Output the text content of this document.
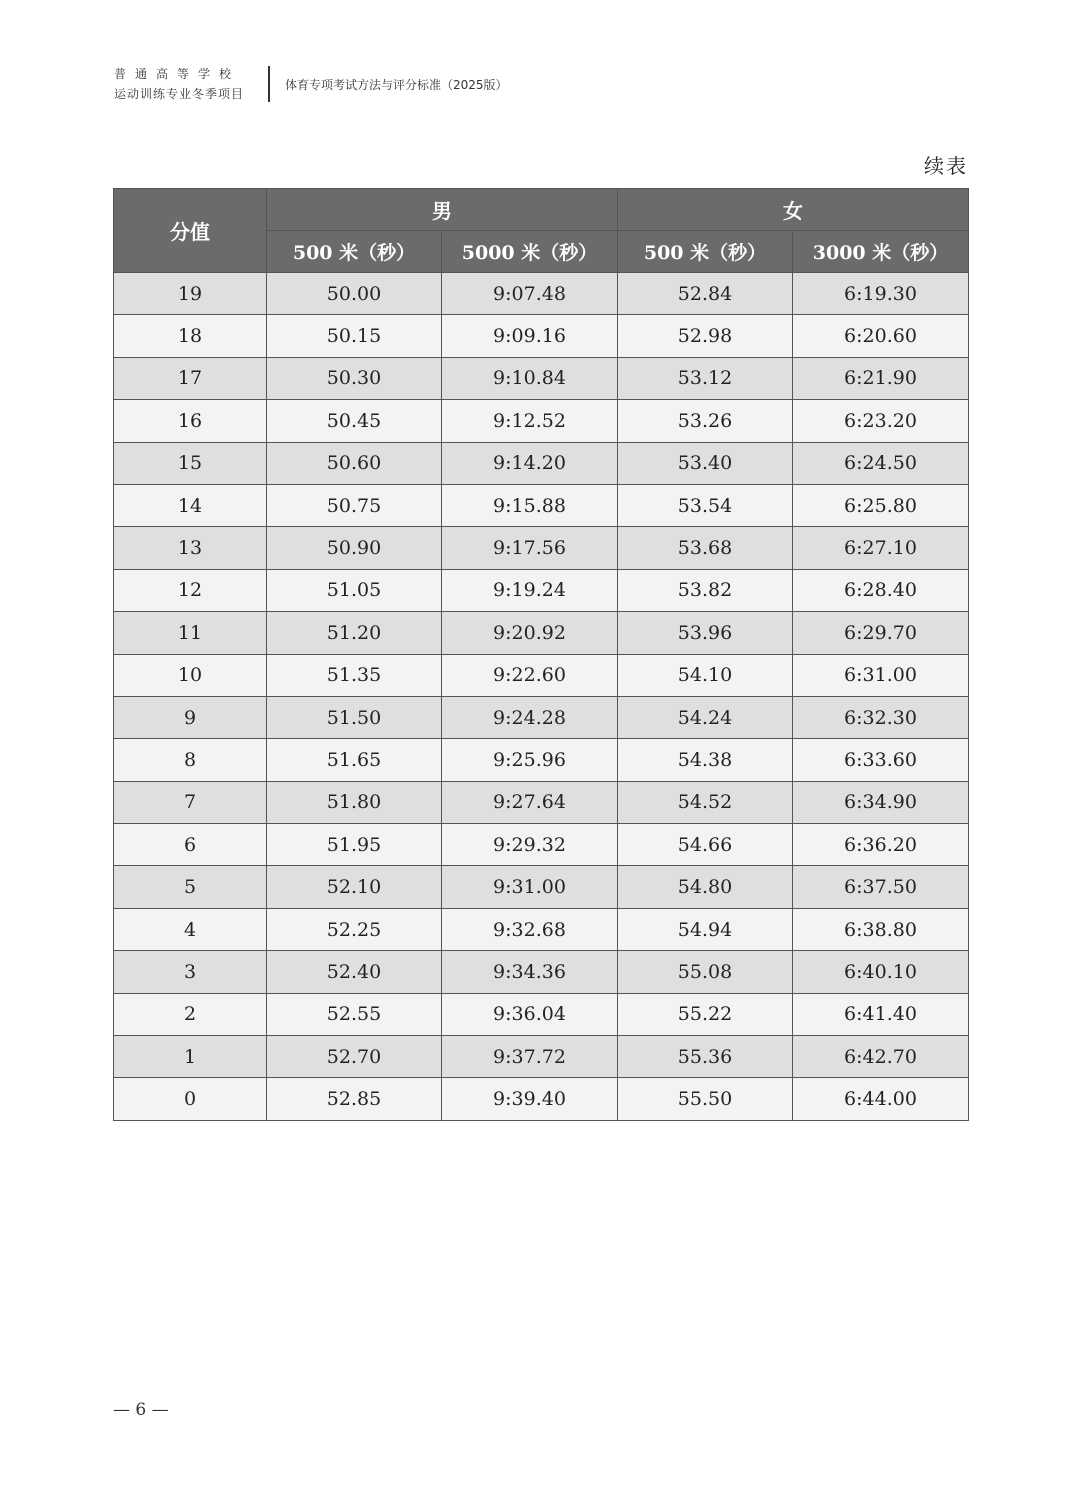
普通高等学校
运动训练专业冬季项目
体育专项考试方法与评分标准（2025版）
续表
分值	男		女	
	500 米（秒）	5000 米（秒）	500 米（秒）	3000 米（秒）
19	50.00	9:07.48	52.84	6:19.30
18	50.15	9:09.16	52.98	6:20.60
17	50.30	9:10.84	53.12	6:21.90
16	50.45	9:12.52	53.26	6:23.20
15	50.60	9:14.20	53.40	6:24.50
14	50.75	9:15.88	53.54	6:25.80
13	50.90	9:17.56	53.68	6:27.10
12	51.05	9:19.24	53.82	6:28.40
11	51.20	9:20.92	53.96	6:29.70
10	51.35	9:22.60	54.10	6:31.00
9	51.50	9:24.28	54.24	6:32.30
8	51.65	9:25.96	54.38	6:33.60
7	51.80	9:27.64	54.52	6:34.90
6	51.95	9:29.32	54.66	6:36.20
5	52.10	9:31.00	54.80	6:37.50
4	52.25	9:32.68	54.94	6:38.80
3	52.40	9:34.36	55.08	6:40.10
2	52.55	9:36.04	55.22	6:41.40
1	52.70	9:37.72	55.36	6:42.70
0	52.85	9:39.40	55.50	6:44.00
— 6 —
